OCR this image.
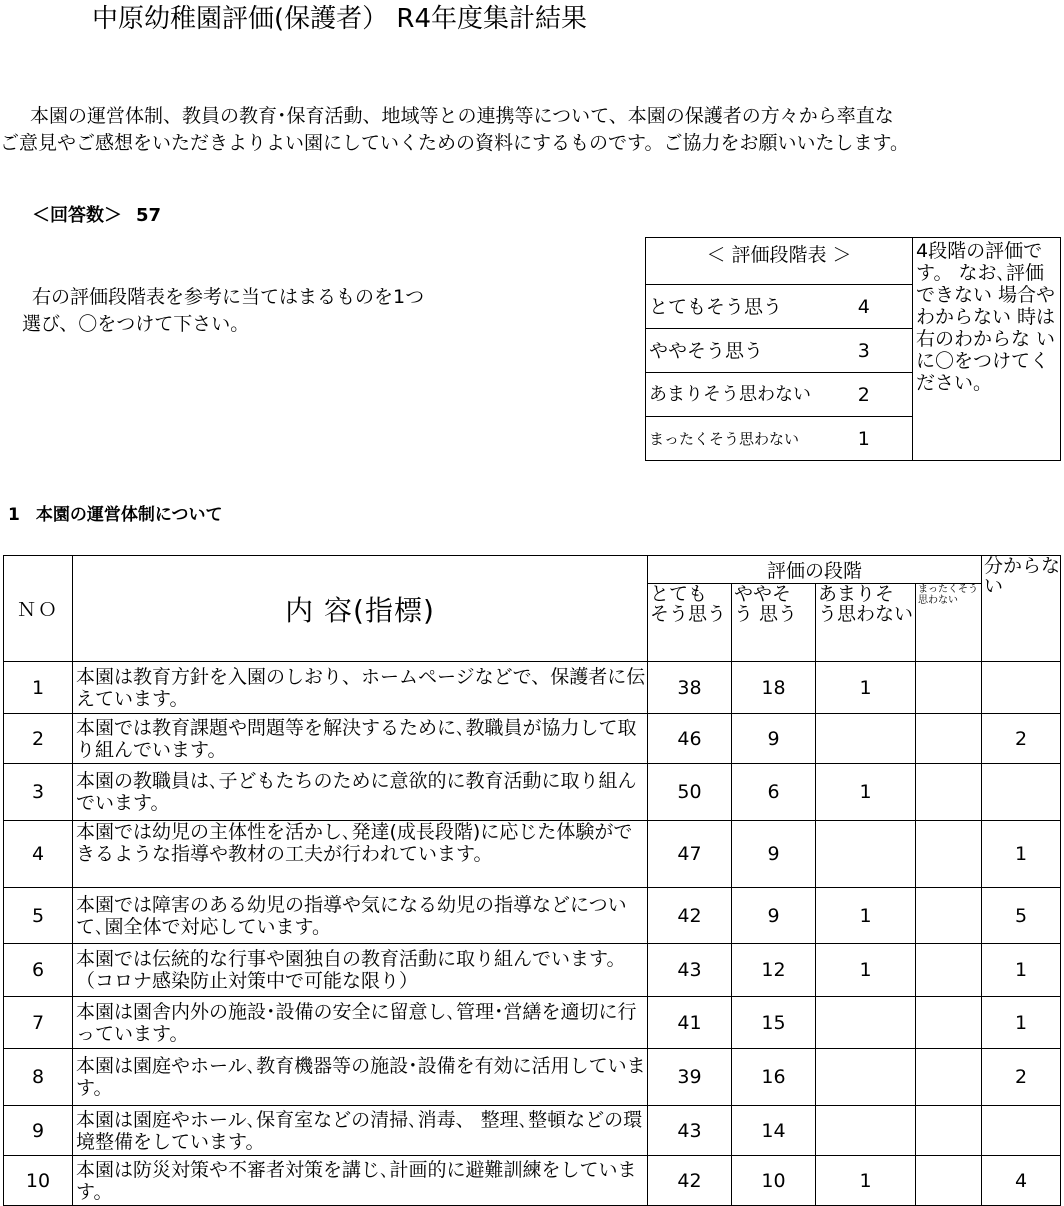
中原幼稚園評価(保護者） R4年度集計結果
本園の運営体制、教員の教育･保育活動、地域等との連携等について、本園の保護者の方々から率直な
ご意見やご感想をいただきよりよい園にしていくための資料にするものです。ご協力をお願いいたします。
＜回答数＞ 57
右の評価段階表を参考に当てはまるものを1つ
選び、〇をつけて下さい。
＜ 評価段階表 ＞		4段階の評価です。 なお､評価できない 場合やわからない 時は右のわからな いに〇をつけてください。
とてもそう思う	4	
ややそう思う	3	
あまりそう思わない	2	
まったくそう思わない	1	
1 本園の運営体制について
ＮＯ	内 容(指標)	評価の段階				分からない
		とても そう思う	ややそ う 思う	あまりそ う思わない	まったくそう思わない	
1	本園は教育方針を入園のしおり、ホームページなどで、保護者に伝えています。	38	18	1		
2	本園では教育課題や問題等を解決するために､教職員が協力して取り組んでいます。	46	9			2
3	本園の教職員は､子どもたちのために意欲的に教育活動に取り組んでいます。	50	6	1		
4	本園では幼児の主体性を活かし､発達(成長段階)に応じた体験ができるような指導や教材の工夫が行われています。	47	9			1
5	本園では障害のある幼児の指導や気になる幼児の指導などについて､園全体で対応しています。	42	9	1		5
6	本園では伝統的な行事や園独自の教育活動に取り組んでいます。（コロナ感染防止対策中で可能な限り）	43	12	1		1
7	本園は園舎内外の施設･設備の安全に留意し､管理･営繕を適切に行っています。	41	15			1
8	本園は園庭やホール､教育機器等の施設･設備を有効に活用しています。	39	16			2
9	本園は園庭やホール､保育室などの清掃､消毒、 整理､整頓などの環境整備をしています。	43	14			
10	本園は防災対策や不審者対策を講じ､計画的に避難訓練をしています。	42	10	1		4
